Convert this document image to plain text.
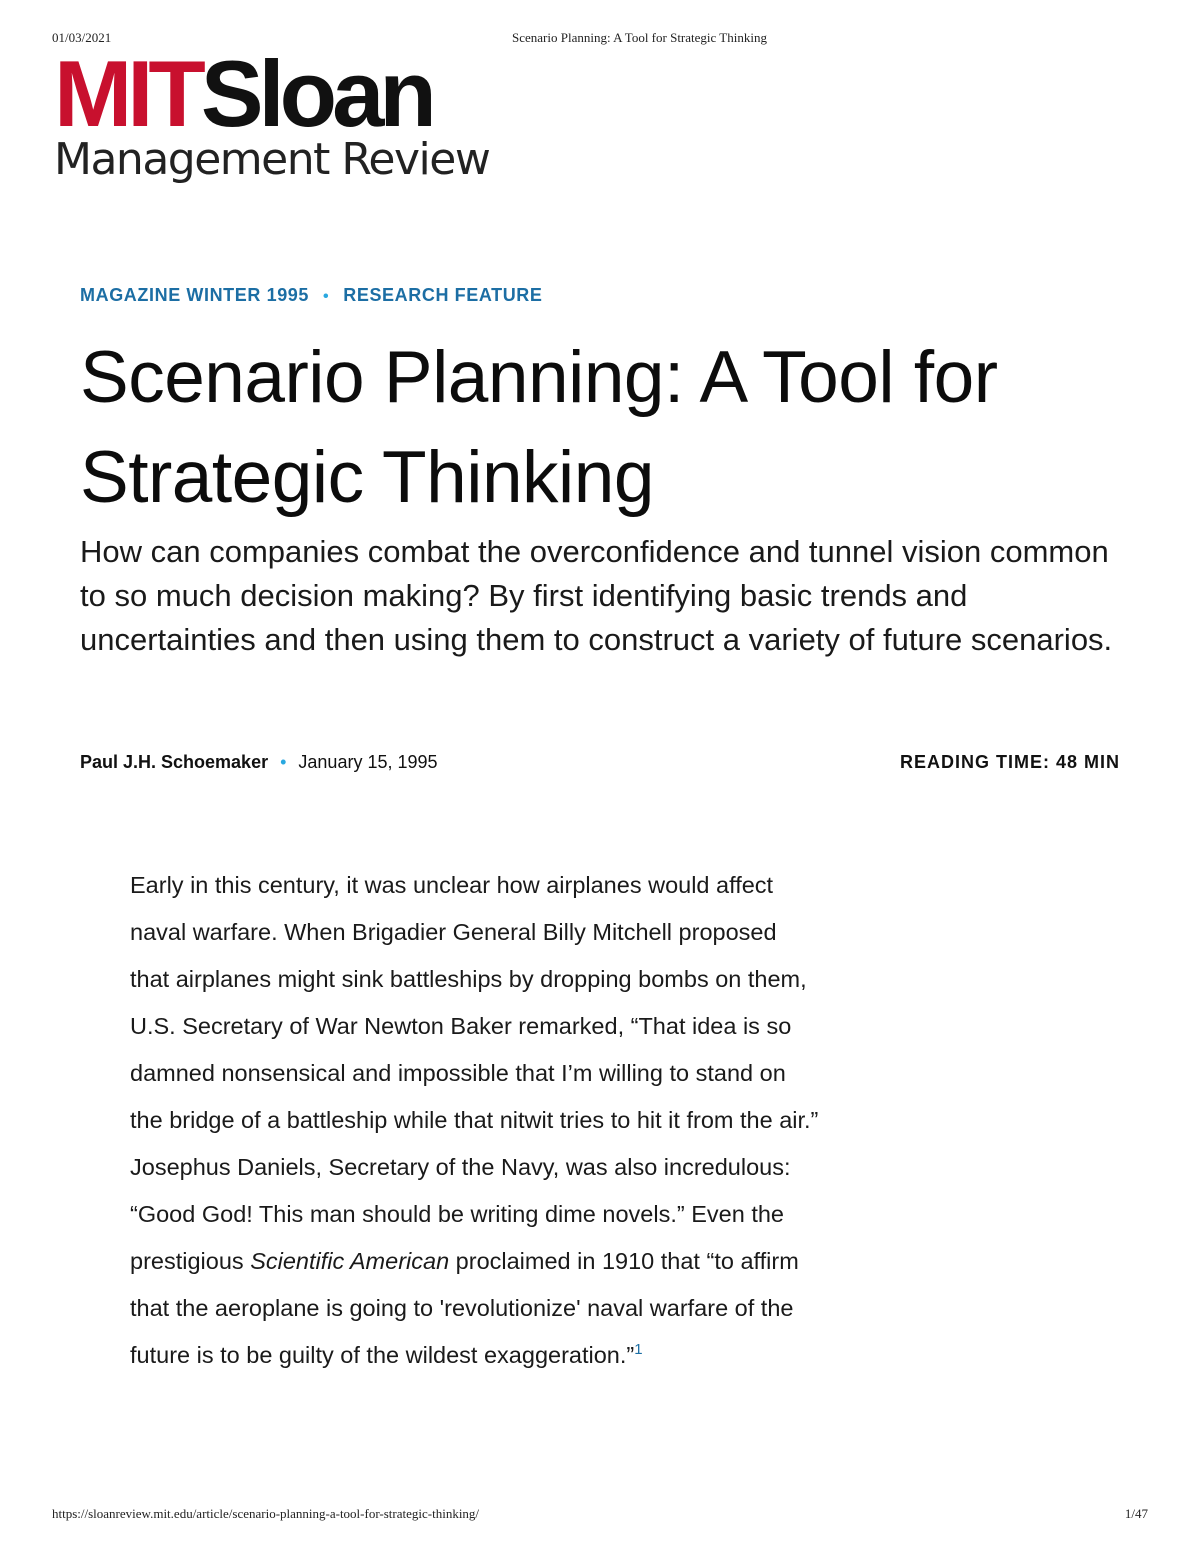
01/03/2021	Scenario Planning: A Tool for Strategic Thinking
MITSloan
Management Review
MAGAZINE WINTER 1995 • RESEARCH FEATURE
Scenario Planning: A Tool for Strategic Thinking

How can companies combat the overconfidence and tunnel vision common to so much decision making? By first identifying basic trends and uncertainties and then using them to construct a variety of future scenarios.

Paul J.H. Schoemaker • January 15, 1995	READING TIME: 48 MIN

Early in this century, it was unclear how airplanes would affect naval warfare. When Brigadier General Billy Mitchell proposed that airplanes might sink battleships by dropping bombs on them, U.S. Secretary of War Newton Baker remarked, “That idea is so damned nonsensical and impossible that I’m willing to stand on the bridge of a battleship while that nitwit tries to hit it from the air.” Josephus Daniels, Secretary of the Navy, was also incredulous: “Good God! This man should be writing dime novels.” Even the prestigious Scientific American proclaimed in 1910 that “to affirm that the aeroplane is going to 'revolutionize' naval warfare of the future is to be guilty of the wildest exaggeration.”$^1$

https://sloanreview.mit.edu/article/scenario-planning-a-tool-for-strategic-thinking/	1/47
